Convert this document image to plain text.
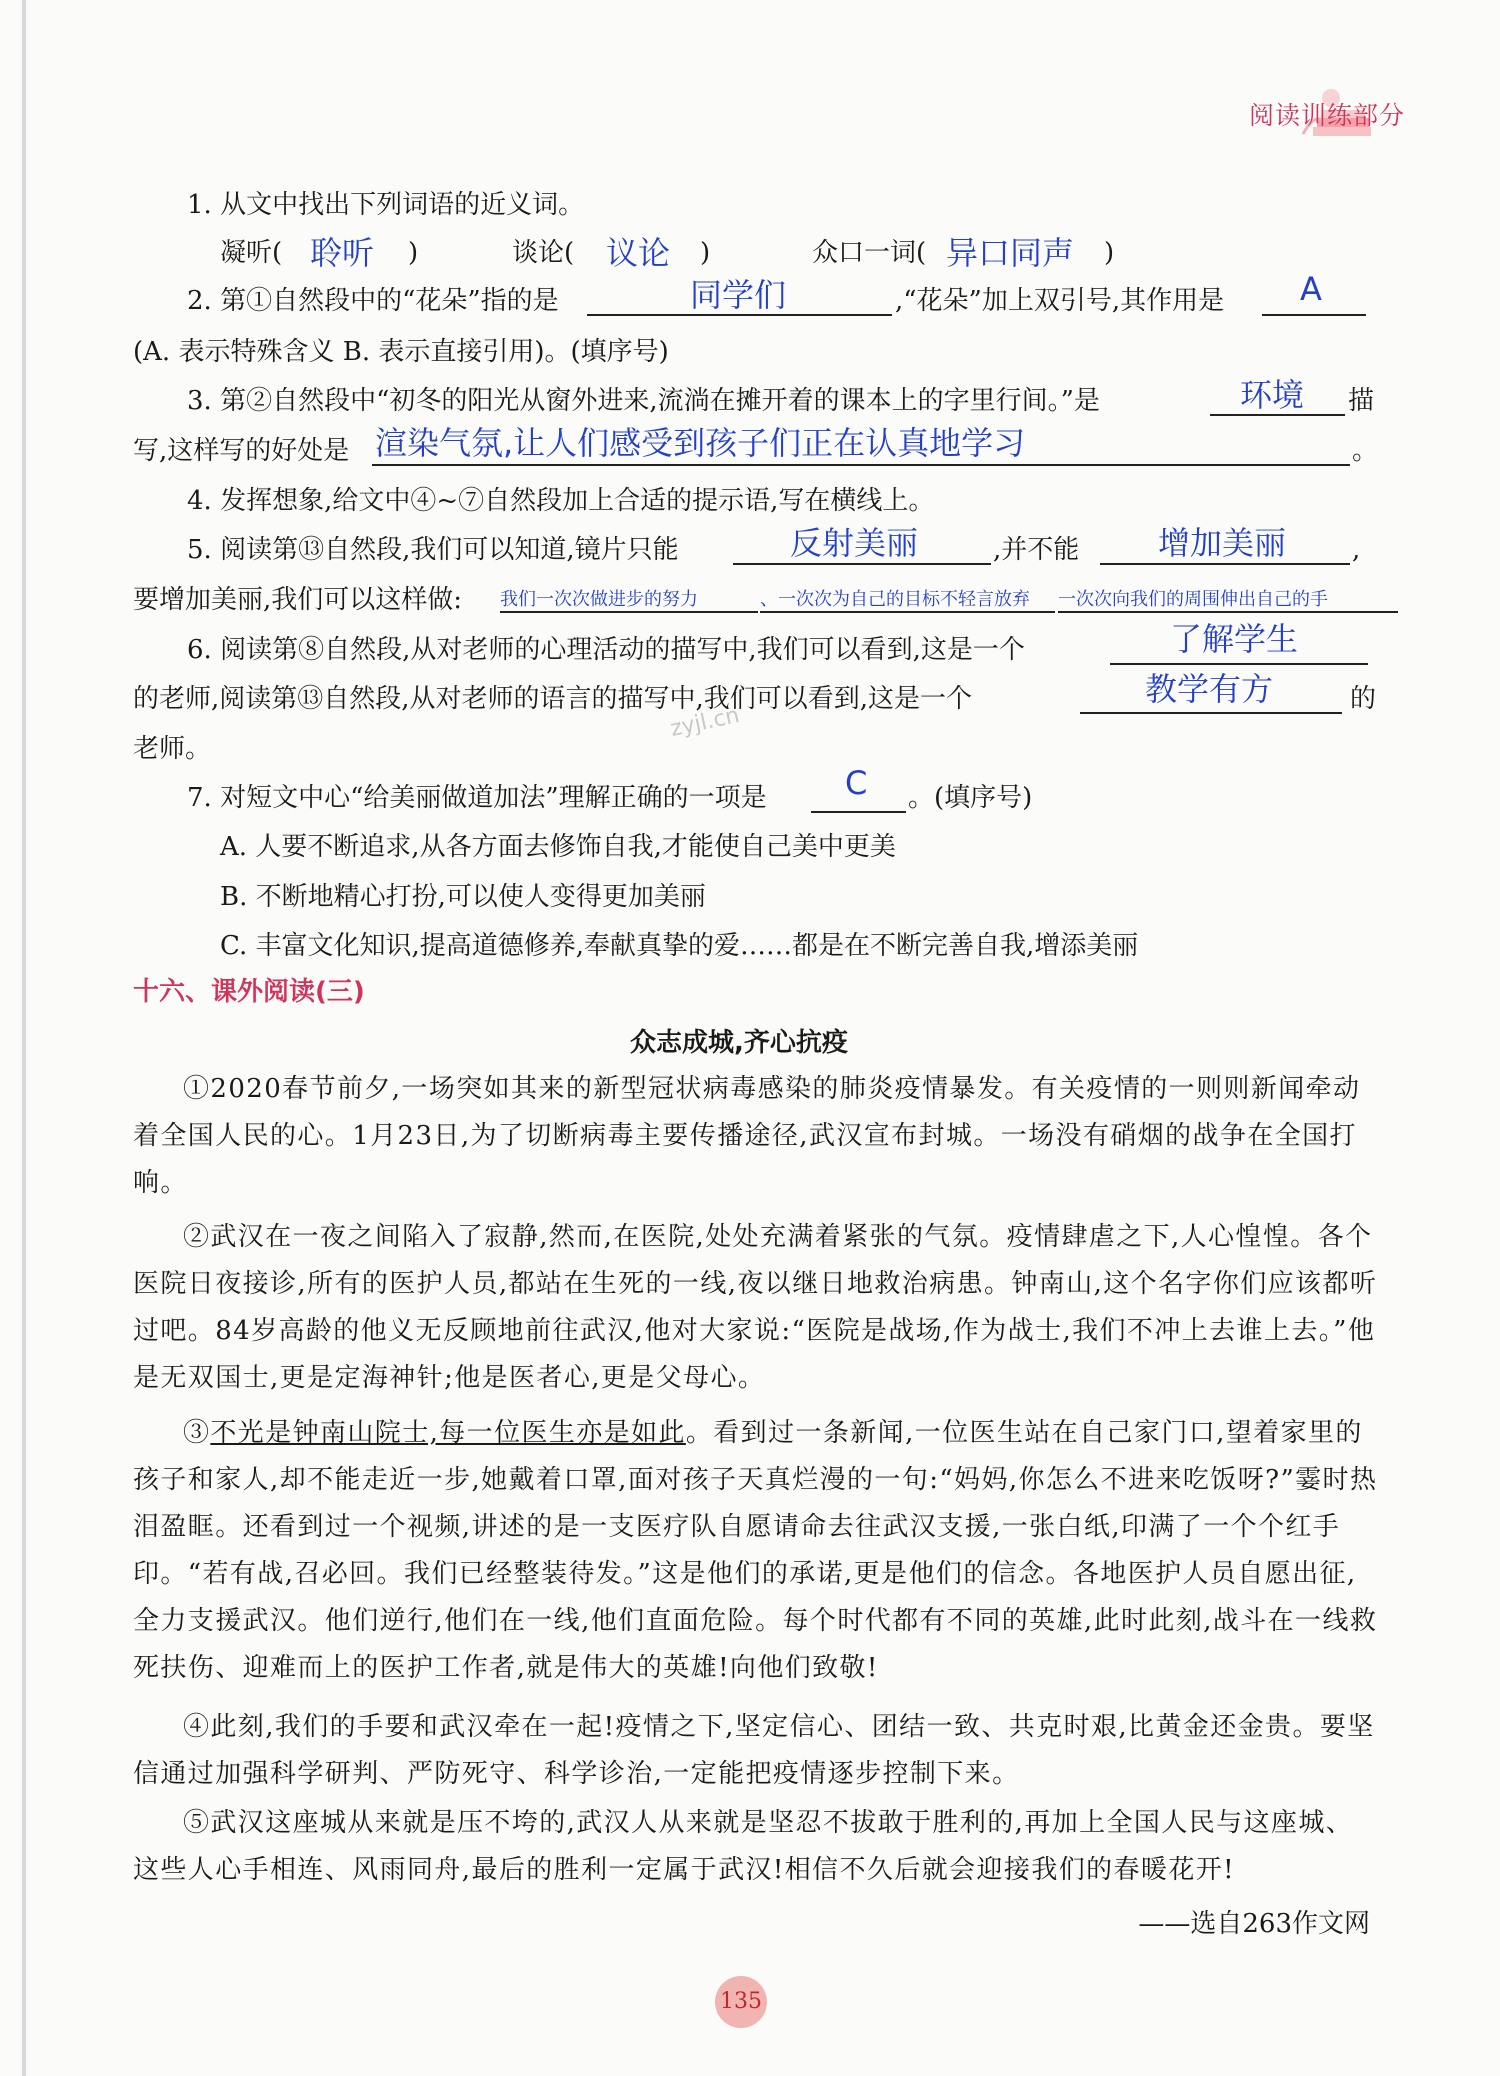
阅读训练部分
1. 从文中找出下列词语的近义词。
凝听( 聆听 )	谈论( 议论 )	众口一词( 异口同声 )
2. 第①自然段中的“花朵”指的是	同学们	,“花朵”加上双引号,其作用是 A
(A. 表示特殊含义 B. 表示直接引用)。(填序号)
3. 第②自然段中“初冬的阳光从窗外进来,流淌在摊开着的课本上的字里行间。”是	环境 描
写,这样写的好处是 渲染气氛,让人们感受到孩子们正在认真地学习	。
4. 发挥想象,给文中④~⑦自然段加上合适的提示语,写在横线上。
5. 阅读第⑬自然段,我们可以知道,镜片只能	反射美丽	,并不能 增加美丽	,
要增加美丽,我们可以这样做: 我们一次次做进步的努力	、一次次为自己的目标不轻言放弃	一次次向我们的周围伸出自己的手
6. 阅读第⑧自然段,从对老师的心理活动的描写中,我们可以看到,这是一个	了解学生
的老师,阅读第⑬自然段,从对老师的语言的描写中,我们可以看到,这是一个	教学有方	的
老师。
zyjl.cn
7. 对短文中心“给美丽做道加法”理解正确的一项是 C 。(填序号)
A. 人要不断追求,从各方面去修饰自我,才能使自己美中更美
B. 不断地精心打扮,可以使人变得更加美丽
C. 丰富文化知识,提高道德修养,奉献真挚的爱……都是在不断完善自我,增添美丽
十六、课外阅读(三)
众志成城,齐心抗疫
①2020春节前夕,一场突如其来的新型冠状病毒感染的肺炎疫情暴发。有关疫情的一则则新闻牵动着全国人民的心。1月23日,为了切断病毒主要传播途径,武汉宣布封城。一场没有硝烟的战争在全国打响。
②武汉在一夜之间陷入了寂静,然而,在医院,处处充满着紧张的气氛。疫情肆虐之下,人心惶惶。各个医院日夜接诊,所有的医护人员,都站在生死的一线,夜以继日地救治病患。钟南山,这个名字你们应该都听过吧。84岁高龄的他义无反顾地前往武汉,他对大家说:“医院是战场,作为战士,我们不冲上去谁上去。”他是无双国士,更是定海神针;他是医者心,更是父母心。
③不光是钟南山院士,每一位医生亦是如此。看到过一条新闻,一位医生站在自己家门口,望着家里的孩子和家人,却不能走近一步,她戴着口罩,面对孩子天真烂漫的一句:“妈妈,你怎么不进来吃饭呀?”霎时热泪盈眶。还看到过一个视频,讲述的是一支医疗队自愿请命去往武汉支援,一张白纸,印满了一个个红手印。“若有战,召必回。我们已经整装待发。”这是他们的承诺,更是他们的信念。各地医护人员自愿出征,全力支援武汉。他们逆行,他们在一线,他们直面危险。每个时代都有不同的英雄,此时此刻,战斗在一线救死扶伤、迎难而上的医护工作者,就是伟大的英雄!向他们致敬!
④此刻,我们的手要和武汉牵在一起!疫情之下,坚定信心、团结一致、共克时艰,比黄金还金贵。要坚信通过加强科学研判、严防死守、科学诊治,一定能把疫情逐步控制下来。
⑤武汉这座城从来就是压不垮的,武汉人从来就是坚忍不拔敢于胜利的,再加上全国人民与这座城、这些人心手相连、风雨同舟,最后的胜利一定属于武汉!相信不久后就会迎接我们的春暖花开!
——选自263作文网
135
